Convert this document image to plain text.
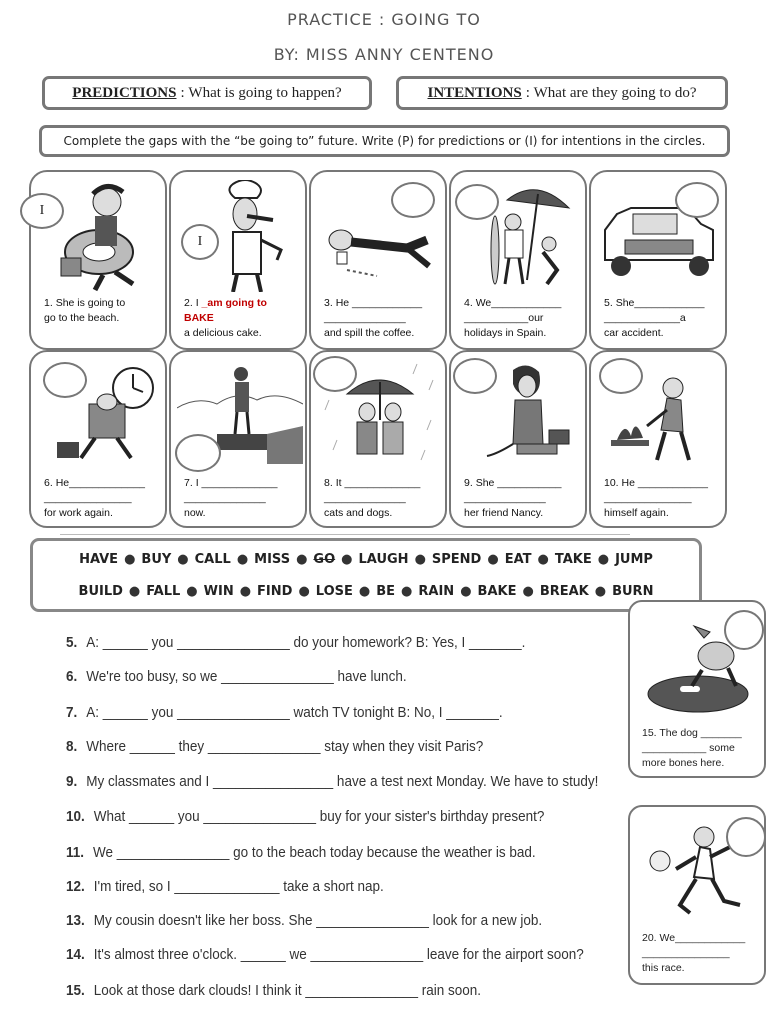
PRACTICE : GOING TO
BY: MISS ANNY CENTENO
PREDICTIONS :
What is going to happen?	INTENTIONS :
What are they going to do?
Complete the gaps with the “be going to” future. Write (P) for predictions or (I) for intentions in the circles.
1. She is going to
go to the beach.
I
I
2. I _am going to
BAKE
a delicious cake.
3. He ____________
______________
and spill the coffee.
4. We____________
___________our
holidays in Spain.
5. She____________
_____________a
car accident.
6. He_____________
_______________
for work again.
7. I _____________
______________
now.
8. It _____________
______________
cats and dogs.
9. She ___________
______________
her friend Nancy.
10. He ____________
_______________
himself again.
HAVE ● BUY ● CALL ● MISS ● GO ● LAUGH ● SPEND ● EAT ● TAKE ● JUMP
BUILD ● FALL ● WIN ● FIND ● LOSE ● BE ● RAIN ● BAKE ● BREAK ● BURN
5. A: ______ you _______________ do your homework? B: Yes, I _______.
6. We're too busy, so we _______________ have lunch.
7. A: ______ you _______________ watch TV tonight B: No, I _______.
8. Where ______ they _______________ stay when they visit Paris?
9. My classmates and I ________________ have a test next Monday. We have to study!
10. What ______ you _______________ buy for your sister's birthday present?
11. We _______________ go to the beach today because the weather is bad.
12. I'm tired, so I ______________ take a short nap.
13. My cousin doesn't like her boss. She _______________ look for a new job.
14. It's almost three o'clock. ______ we _______________ leave for the airport soon?
15. Look at those dark clouds! I think it _______________ rain soon.
15. The dog _______
___________ some
more bones here.
20. We____________
_______________
this race.
